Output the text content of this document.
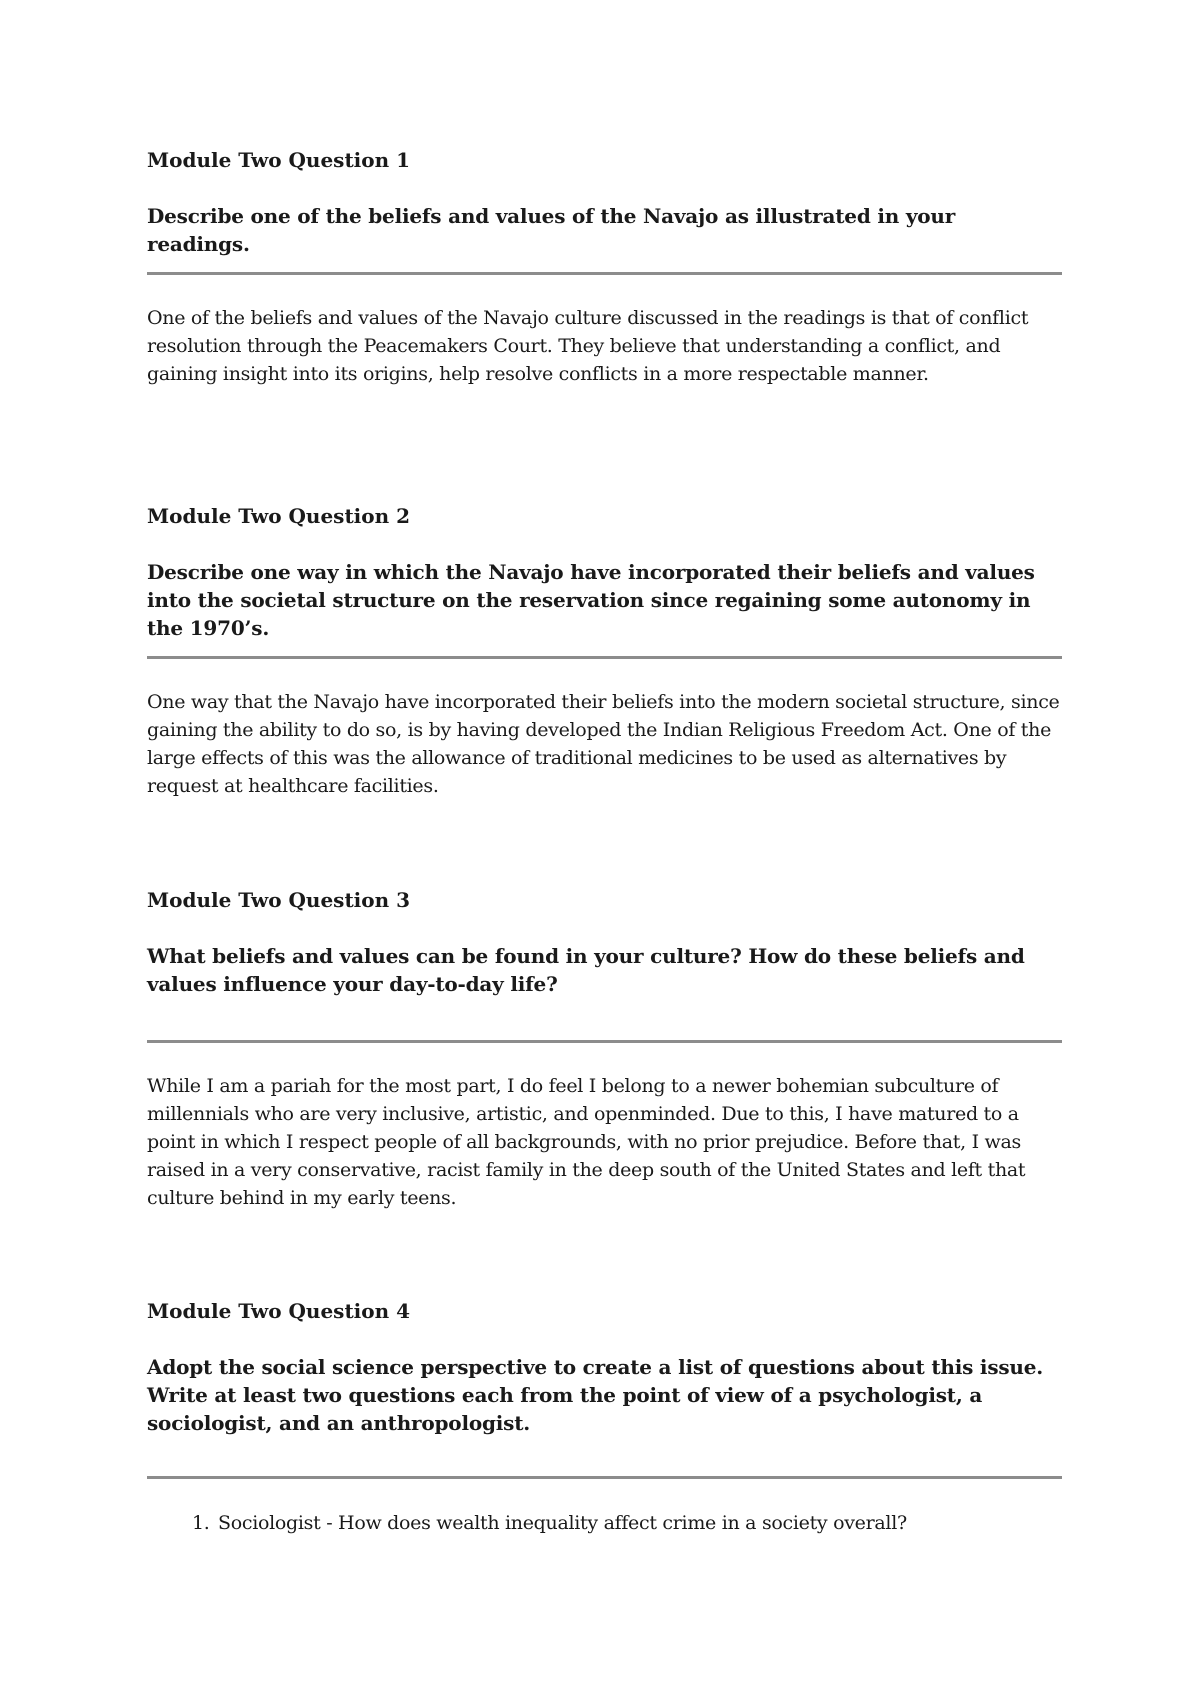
Module Two Question 1
Describe one of the beliefs and values of the Navajo as illustrated in your readings.
One of the beliefs and values of the Navajo culture discussed in the readings is that of conflict resolution through the Peacemakers Court. They believe that understanding a conflict, and gaining insight into its origins, help resolve conflicts in a more respectable manner.
Module Two Question 2
Describe one way in which the Navajo have incorporated their beliefs and values into the societal structure on the reservation since regaining some autonomy in the 1970’s.
One way that the Navajo have incorporated their beliefs into the modern societal structure, since gaining the ability to do so, is by having developed the Indian Religious Freedom Act. One of the large effects of this was the allowance of traditional medicines to be used as alternatives by request at healthcare facilities.
Module Two Question 3
What beliefs and values can be found in your culture? How do these beliefs and values influence your day-to-day life?
While I am a pariah for the most part, I do feel I belong to a newer bohemian subculture of millennials who are very inclusive, artistic, and openminded. Due to this, I have matured to a point in which I respect people of all backgrounds, with no prior prejudice. Before that, I was raised in a very conservative, racist family in the deep south of the United States and left that culture behind in my early teens.
Module Two Question 4
Adopt the social science perspective to create a list of questions about this issue. Write at least two questions each from the point of view of a psychologist, a sociologist, and an anthropologist.
1. Sociologist - How does wealth inequality affect crime in a society overall?
